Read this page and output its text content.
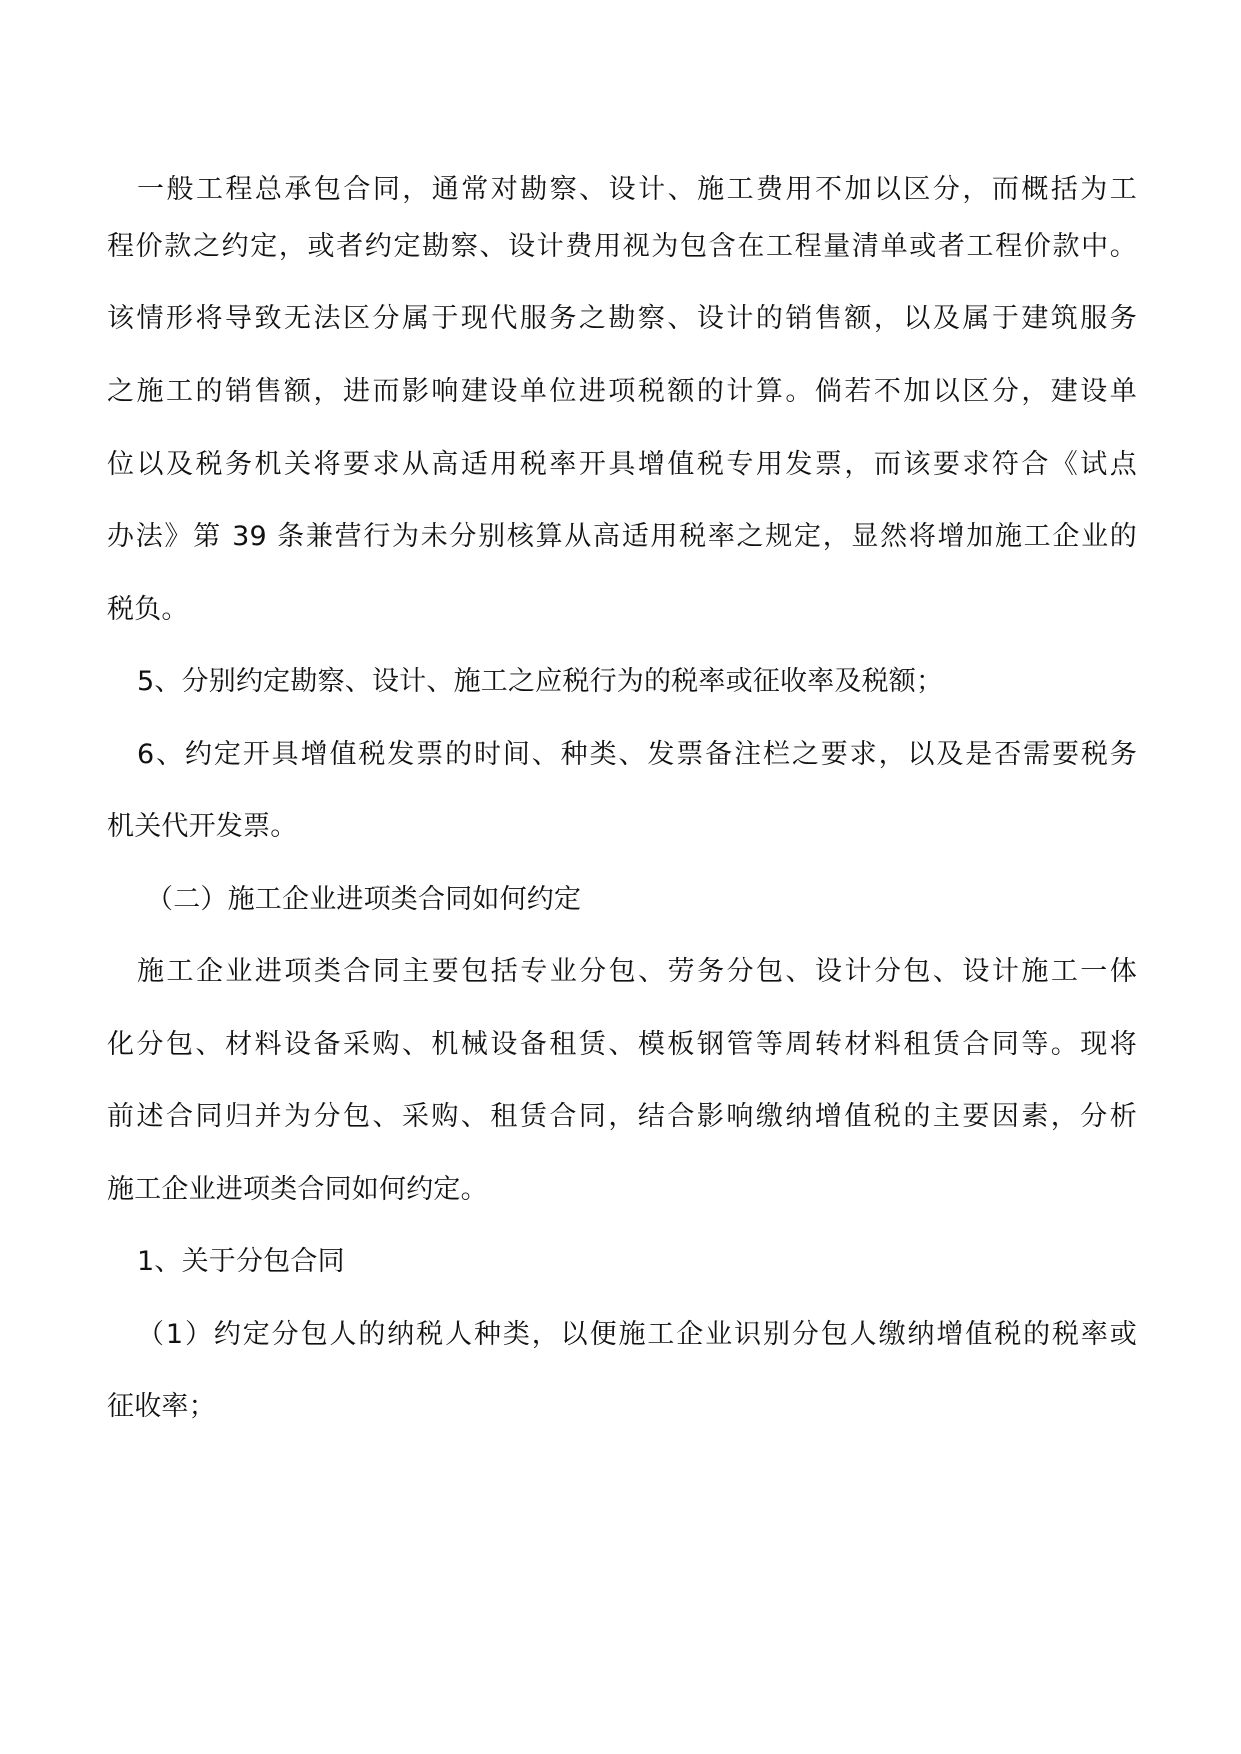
一般工程总承包合同，通常对勘察、设计、施工费用不加以区分，而概括为工
程价款之约定，或者约定勘察、设计费用视为包含在工程量清单或者工程价款中。
该情形将导致无法区分属于现代服务之勘察、设计的销售额，以及属于建筑服务
之施工的销售额，进而影响建设单位进项税额的计算。倘若不加以区分，建设单
位以及税务机关将要求从高适用税率开具增值税专用发票，而该要求符合《试点
办法》第 39 条兼营行为未分别核算从高适用税率之规定，显然将增加施工企业的
税负。
5、分别约定勘察、设计、施工之应税行为的税率或征收率及税额；
6、约定开具增值税发票的时间、种类、发票备注栏之要求，以及是否需要税务
机关代开发票。
（二）施工企业进项类合同如何约定
施工企业进项类合同主要包括专业分包、劳务分包、设计分包、设计施工一体
化分包、材料设备采购、机械设备租赁、模板钢管等周转材料租赁合同等。现将
前述合同归并为分包、采购、租赁合同，结合影响缴纳增值税的主要因素，分析
施工企业进项类合同如何约定。
1、关于分包合同
（1）约定分包人的纳税人种类，以便施工企业识别分包人缴纳增值税的税率或
征收率；
